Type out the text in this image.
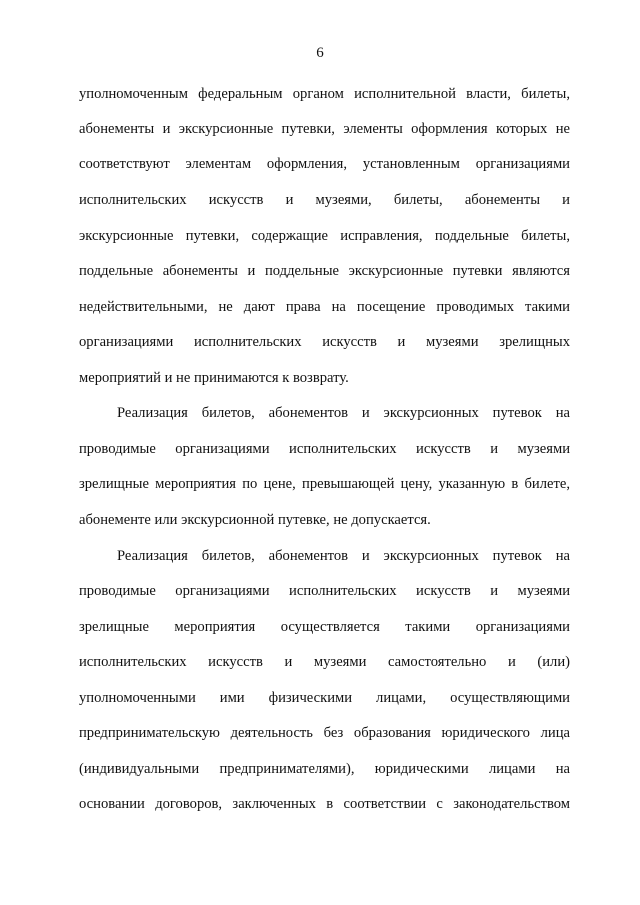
6
уполномоченным федеральным органом исполнительной власти, билеты,
абонементы и экскурсионные путевки, элементы оформления которых не
соответствуют элементам оформления, установленным организациями
исполнительских искусств и музеями, билеты, абонементы и
экскурсионные путевки, содержащие исправления, поддельные билеты,
поддельные абонементы и поддельные экскурсионные путевки являются
недействительными, не дают права на посещение проводимых такими
организациями исполнительских искусств и музеями зрелищных
мероприятий и не принимаются к возврату.
Реализация билетов, абонементов и экскурсионных путевок на
проводимые организациями исполнительских искусств и музеями
зрелищные мероприятия по цене, превышающей цену, указанную в билете,
абонементе или экскурсионной путевке, не допускается.
Реализация билетов, абонементов и экскурсионных путевок на
проводимые организациями исполнительских искусств и музеями
зрелищные мероприятия осуществляется такими организациями
исполнительских искусств и музеями самостоятельно и (или)
уполномоченными ими физическими лицами, осуществляющими
предпринимательскую деятельность без образования юридического лица
(индивидуальными предпринимателями), юридическими лицами на
основании договоров, заключенных в соответствии с законодательством
